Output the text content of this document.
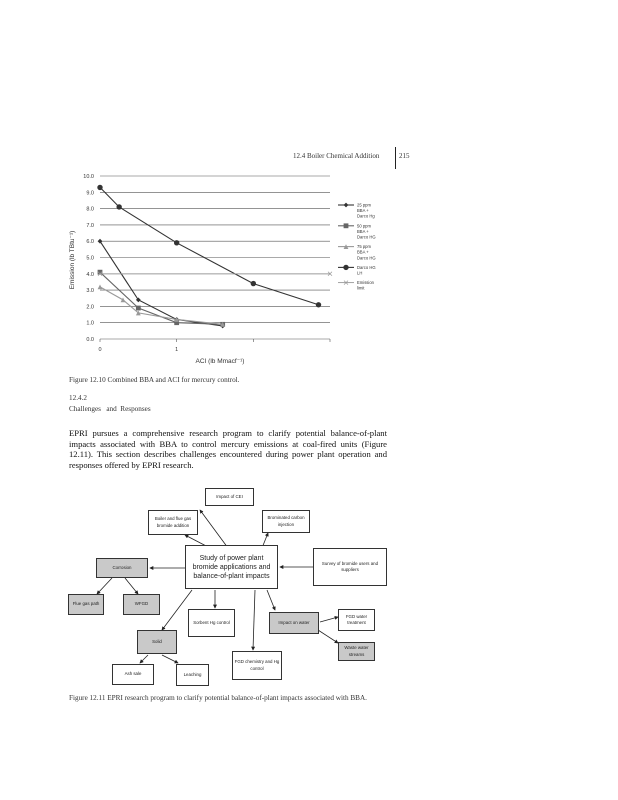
12.4 Boiler Chemical Addition	215
0.0
1.0
2.0
3.0
4.0
5.0
6.0
7.0
8.0
9.0
10.0
0	1
25 ppm
BBA +
Darco Hg
50 ppm
BBA +
Darco HG
75 ppm
BBA +
Darco HG
Darco HG
LH
Emission
limit
ACI (lb Mmacf⁻¹)
Emission (lb TBtu⁻¹)
Figure 12.10 Combined BBA and ACI for mercury control.
12.4.2
Challenges   and  Responses
EPRI pursues a comprehensive research program to clarify potential balance-of-plant impacts associated with BBA to control mercury emissions at coal-fired units (Figure 12.11). This section describes challenges encountered during power plant operation and responses offered by EPRI research.
Impact of CEI
Boiler and flue gas bromide addition
Brominated carbon injection
Study of power plant bromide applications and balance-of-plant impacts
Corrosion
Survey of bromide users and suppliers
Flue gas path	WFGD
Sorbent Hg control	Impact on water
FGD water treatment
Waste water streams
Solid
FGD chemistry and Hg control
Ash sale	Leaching
Figure 12.11 EPRI research program to clarify potential balance-of-plant impacts associated with BBA.
